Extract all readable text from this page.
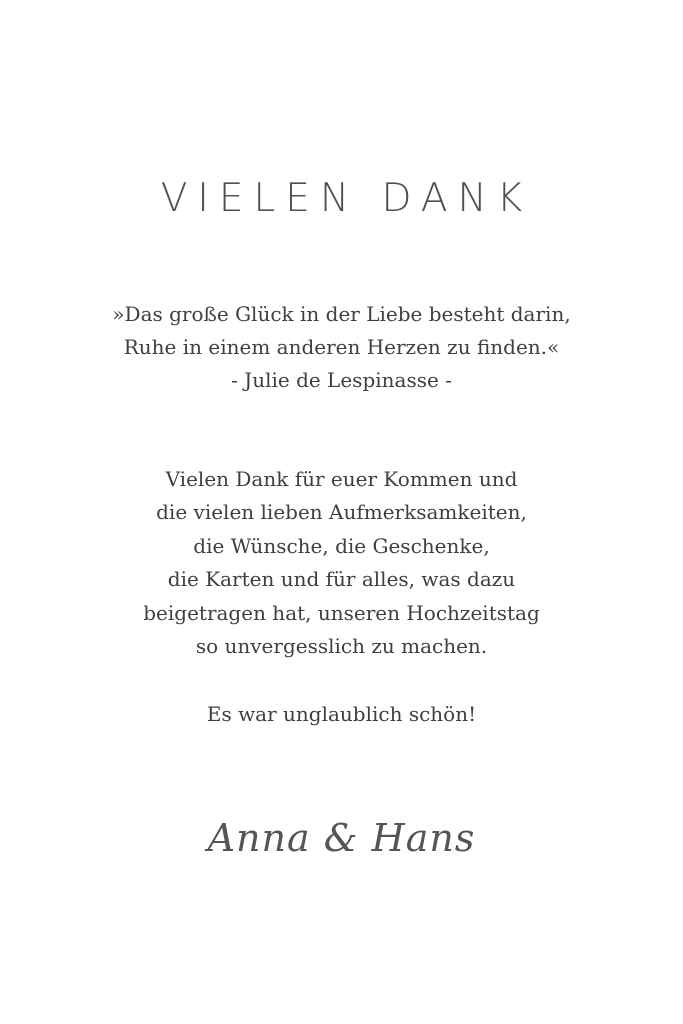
VIELEN DANK
»Das große Glück in der Liebe besteht darin,
Ruhe in einem anderen Herzen zu finden.«
- Julie de Lespinasse -
Vielen Dank für euer Kommen und
die vielen lieben Aufmerksamkeiten,
die Wünsche, die Geschenke,
die Karten und für alles, was dazu
beigetragen hat, unseren Hochzeitstag
so unvergesslich zu machen.
Es war unglaublich schön!
Anna & Hans
